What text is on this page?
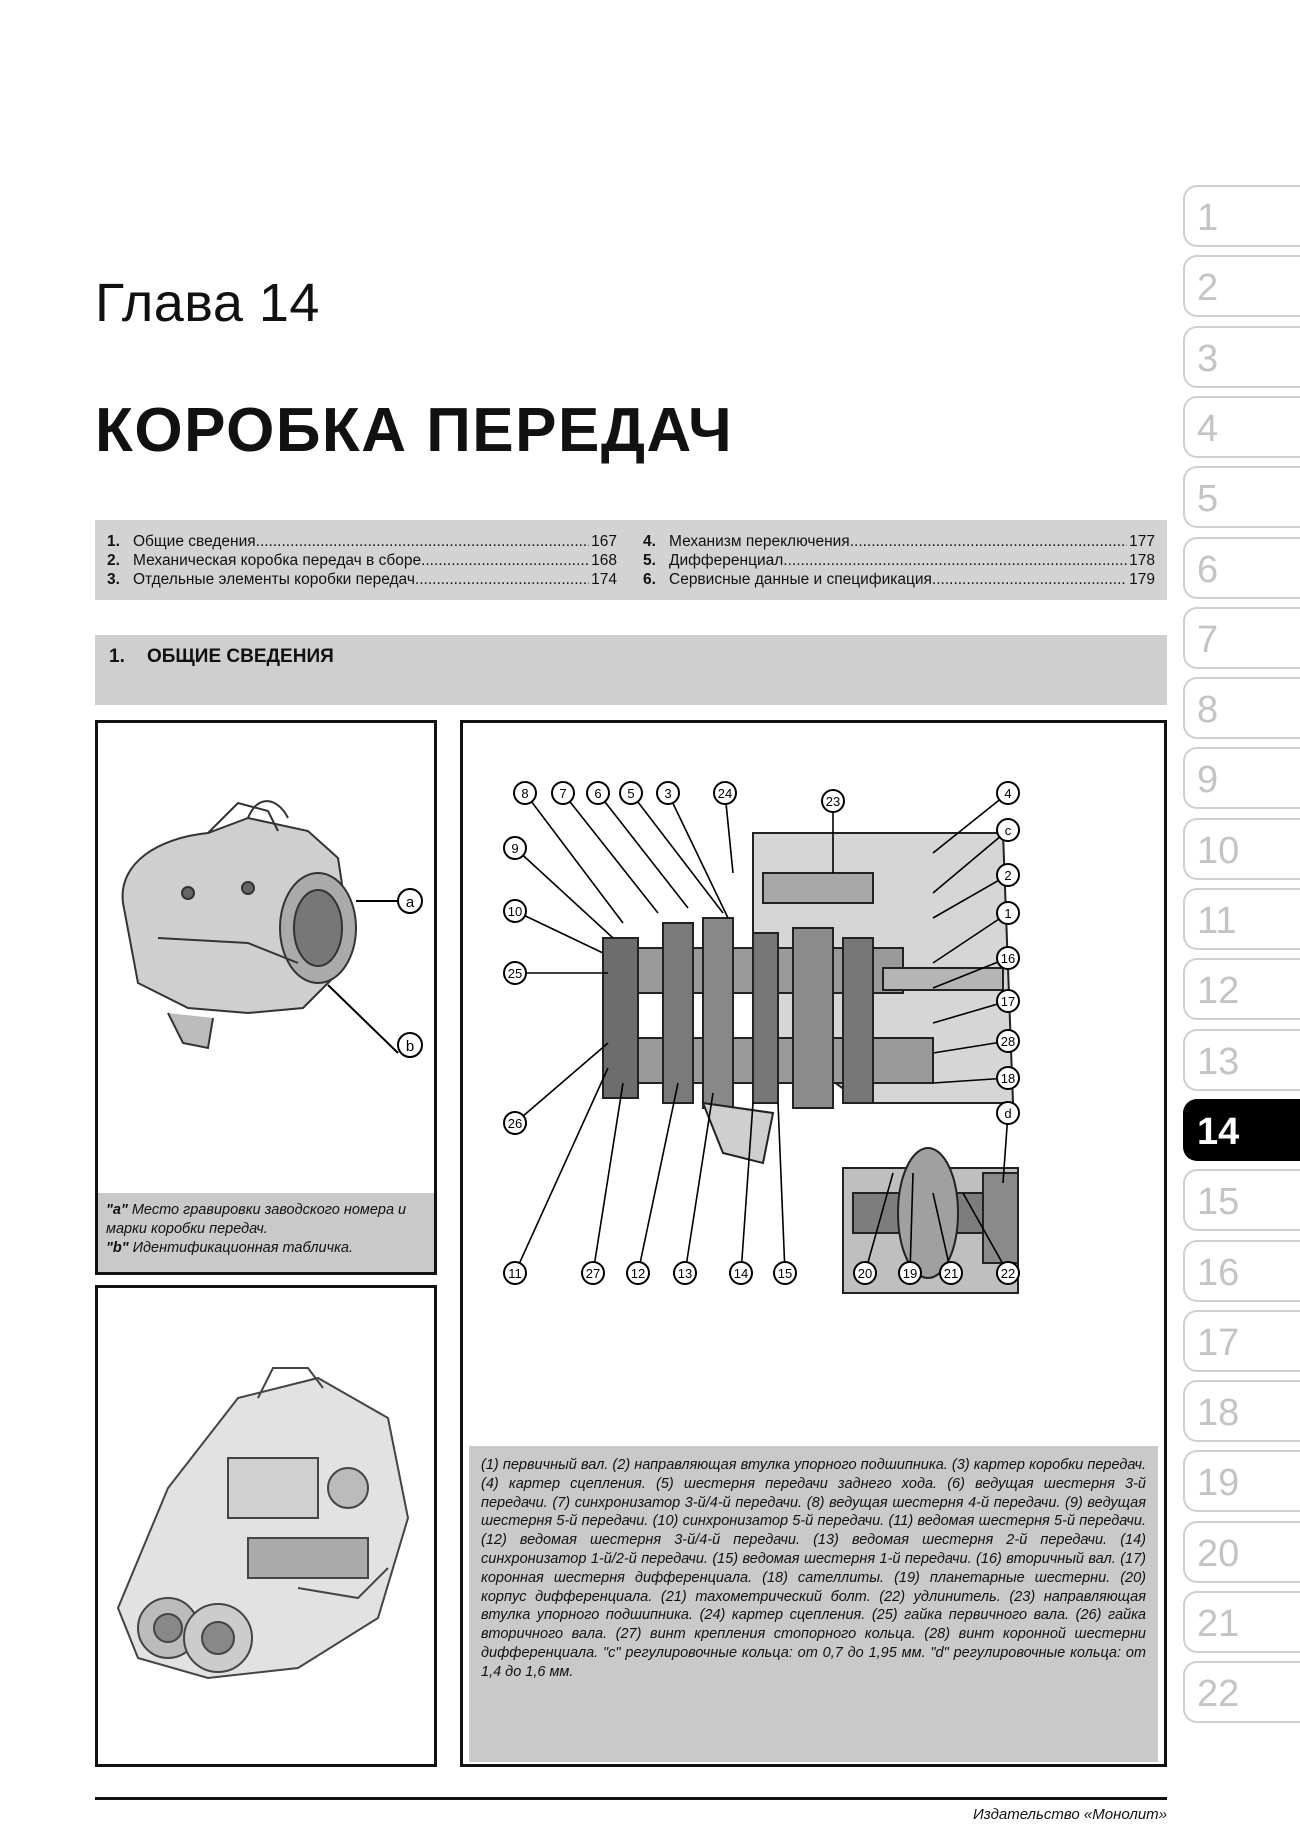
Глава 14
КОРОБКА ПЕРЕДАЧ
1. Общие сведения .....	167
2. Механическая коробка передач в сборе .....	168
3. Отдельные элементы коробки передач .....	174
4. Механизм переключения .....	177
5. Дифференциал .....	178
6. Сервисные данные и спецификация .....	179
1. ОБЩИЕ СВЕДЕНИЯ
a
b
"a" Место гравировки заводского номера и марки коробки передач.
"b" Идентификационная табличка.
8 7 6 5 3	24
23
4
c
9
2
10	1
25
16
17
28
18
d
26
11	27 12	13	14 15	20 19 21	22
(1) первичный вал. (2) направляющая втулка упорного подшипника. (3) картер коробки передач.(4) картер сцепления. (5) шестерня передачи заднего хода. (6) ведущая шестерня 3-й передачи. (7) синхронизатор 3-й/4-й передачи. (8) ведущая шестерня 4-й передачи. (9) ведущая шестерня 5-й передачи. (10) синхронизатор 5-й передачи. (11) ведомая шестерня 5-й передачи. (12) ведомая шестерня 3-й/4-й передачи. (13) ведомая шестерня 2-й передачи. (14) синхронизатор 1-й/2-й передачи. (15) ведомая шестерня 1-й передачи. (16) вторичный вал. (17) коронная шестерня дифференциала. (18) сателлиты. (19) планетарные шестерни. (20) корпус дифференциала. (21) тахометрический болт. (22) удлинитель. (23) направляющая втулка упорного подшипника. (24) картер сцепления. (25) гайка первичного вала. (26) гайка вторичного вала. (27) винт крепления стопорного кольца. (28) винт коронной шестерни дифференциала. "c" регулировочные кольца: от 0,7 до 1,95 мм. "d" регулировочные кольца: от 1,4 до 1,6 мм.
1
2
3
4
5
6
7
8
9
10
11
12
13
14
15
16
17
18
19
20
21
22
Издательство «Монолит»
